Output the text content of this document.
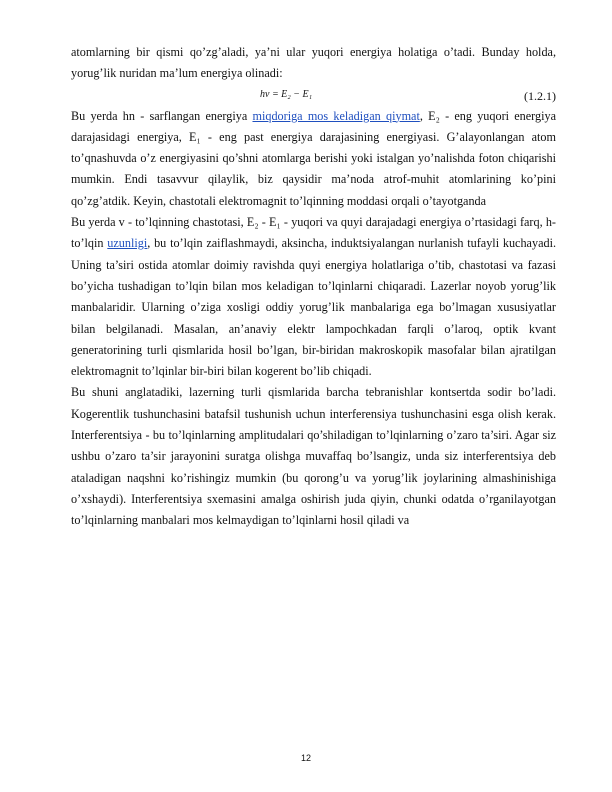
atomlarning bir qismi qo’zg’aladi, ya’ni ular yuqori energiya holatiga o’tadi. Bunday holda, yorug’lik nuridan ma’lum energiya olinadi:

hν = E₂ − E₁	(1.2.1)

Bu yerda hn - sarflangan energiya miqdoriga mos keladigan qiymat, E₂ - eng yuqori energiya darajasidagi energiya, E₁ - eng past energiya darajasining energiyasi. G’alayonlangan atom to’qnashuvda o’z energiyasini qo’shni atomlarga berishi yoki istalgan yo’nalishda foton chiqarishi mumkin. Endi tasavvur qilaylik, biz qaysidir ma’noda atrof-muhit atomlarining ko’pini qo’zg’atdik. Keyin, chastotali elektromagnit to’lqinning moddasi orqali o’tayotganda

Bu yerda v - to’lqinning chastotasi, E₂ - E₁ - yuqori va quyi darajadagi energiya o’rtasidagi farq, h- to’lqin uzunligi, bu to’lqin zaiflashmaydi, aksincha, induktsiyalangan nurlanish tufayli kuchayadi. Uning ta’siri ostida atomlar doimiy ravishda quyi energiya holatlariga o’tib, chastotasi va fazasi bo’yicha tushadigan to’lqin bilan mos keladigan to’lqinlarni chiqaradi. Lazerlar noyob yorug’lik manbalaridir. Ularning o’ziga xosligi oddiy yorug’lik manbalariga ega bo’lmagan xususiyatlar bilan belgilanadi. Masalan, an’anaviy elektr lampochkadan farqli o’laroq, optik kvant generatorining turli qismlarida hosil bo’lgan, bir-biridan makroskopik masofalar bilan ajratilgan elektromagnit to’lqinlar bir-biri bilan kogerent bo’lib chiqadi.

Bu shuni anglatadiki, lazerning turli qismlarida barcha tebranishlar kontsertda sodir bo’ladi. Kogerentlik tushunchasini batafsil tushunish uchun interferensiya tushunchasini esga olish kerak. Interferentsiya - bu to’lqinlarning amplitudalari qo’shiladigan to’lqinlarning o’zaro ta’siri. Agar siz ushbu o’zaro ta’sir jarayonini suratga olishga muvaffaq bo’lsangiz, unda siz interferentsiya deb ataladigan naqshni ko’rishingiz mumkin (bu qorong’u va yorug’lik joylarining almashinishiga o’xshaydi). Interferentsiya sxemasini amalga oshirish juda qiyin, chunki odatda o’rganilayotgan to’lqinlarning manbalari mos kelmaydigan to’lqinlarni hosil qiladi va

12
